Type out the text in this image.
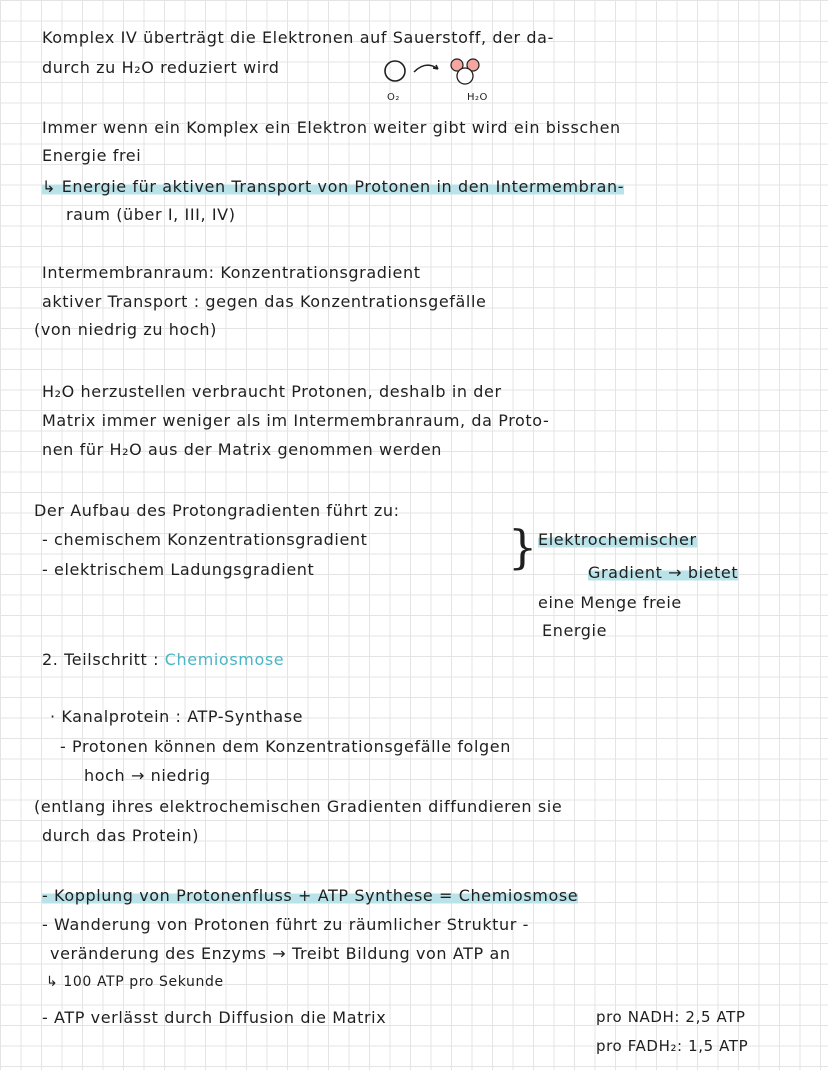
Komplex IV überträgt die Elektronen auf Sauerstoff, der da-
durch zu H₂O reduziert wird
O₂	H₂O
Immer wenn ein Komplex ein Elektron weiter gibt wird ein bisschen
Energie frei
↳ Energie für aktiven Transport von Protonen in den Intermembran-
raum (über I, III, IV)
Intermembranraum: Konzentrationsgradient
aktiver Transport : gegen das Konzentrationsgefälle
(von niedrig zu hoch)
H₂O herzustellen verbraucht Protonen, deshalb in der
Matrix immer weniger als im Intermembranraum, da Proto-
nen für H₂O aus der Matrix genommen werden
Der Aufbau des Protongradienten führt zu:
- chemischem Konzentrationsgradient
- elektrischem Ladungsgradient	} Elektrochemischer
Gradient → bietet
eine Menge freie
Energie
2. Teilschritt : Chemiosmose
· Kanalprotein : ATP-Synthase
- Protonen können dem Konzentrationsgefälle folgen
hoch → niedrig
(entlang ihres elektrochemischen Gradienten diffundieren sie
durch das Protein)
- Kopplung von Protonenfluss + ATP Synthese = Chemiosmose
- Wanderung von Protonen führt zu räumlicher Struktur -
veränderung des Enzyms → Treibt Bildung von ATP an
↳ 100 ATP pro Sekunde
- ATP verlässt durch Diffusion die Matrix	pro NADH: 2,5 ATP
pro FADH₂: 1,5 ATP
